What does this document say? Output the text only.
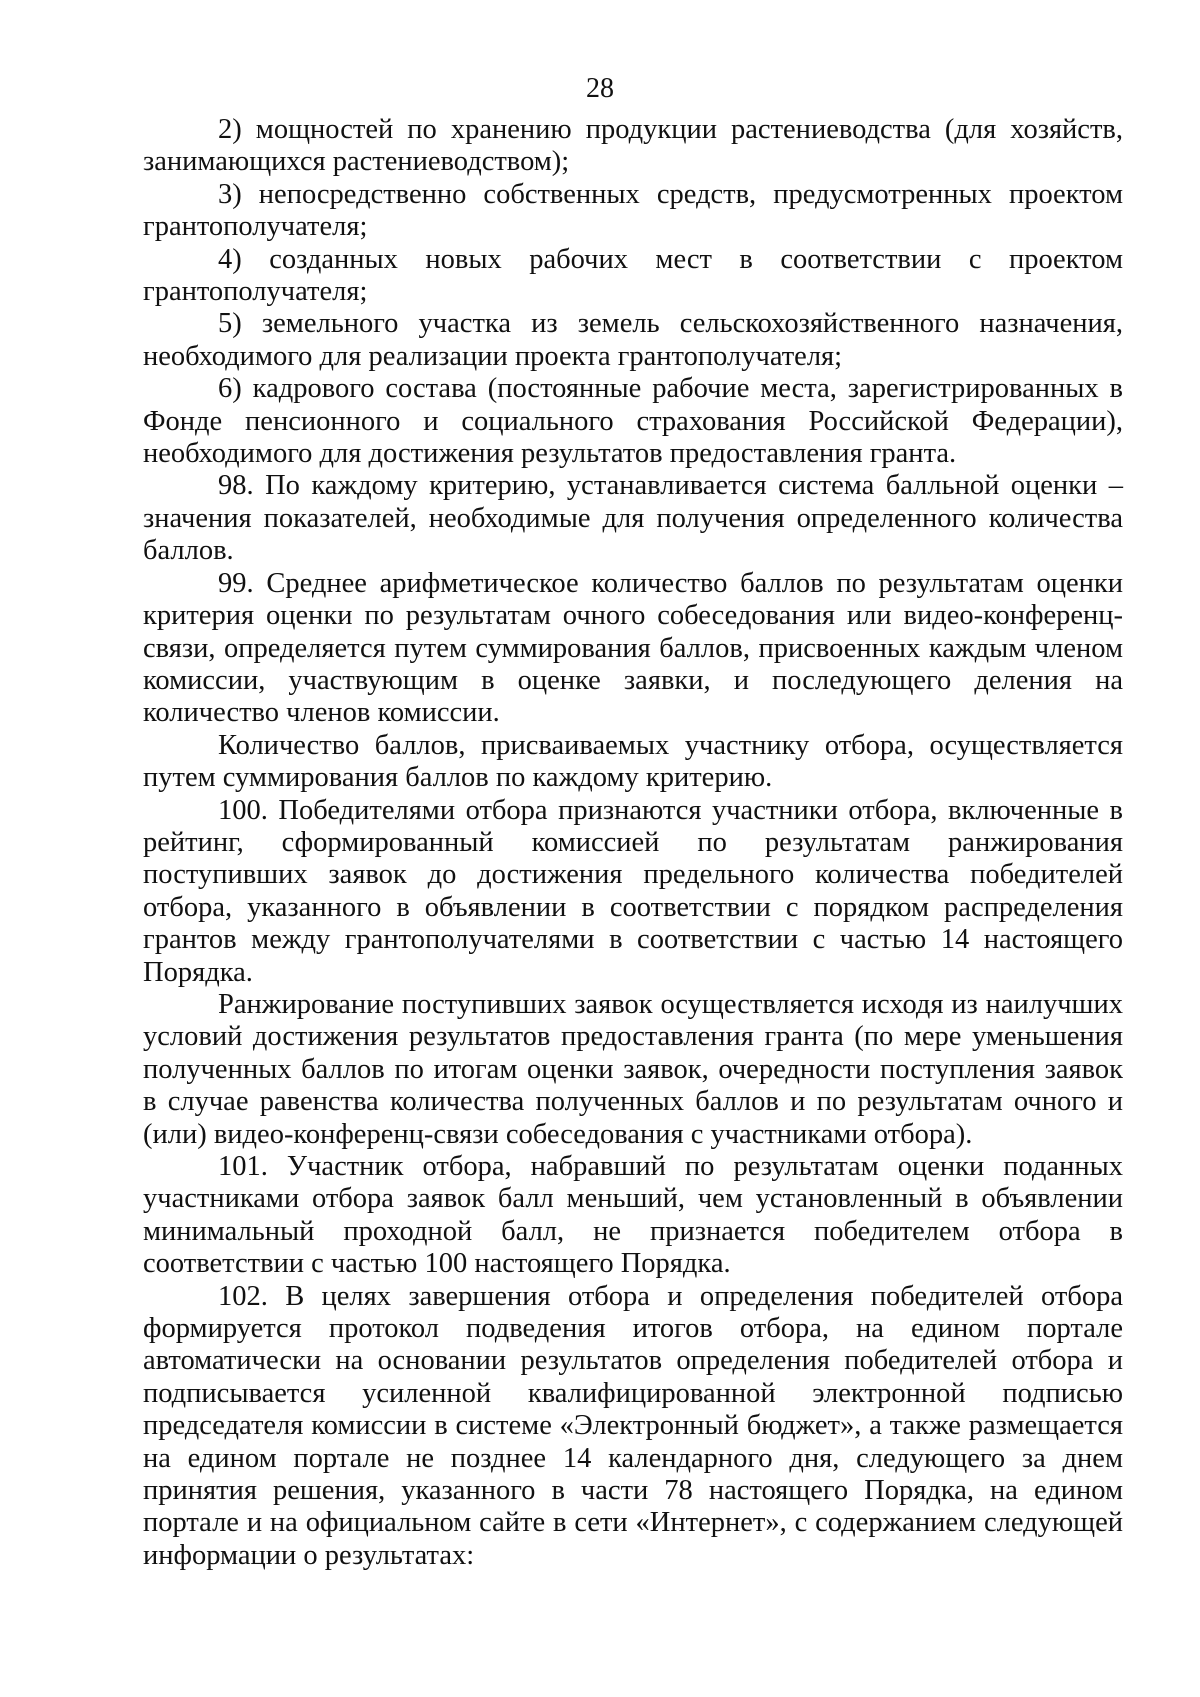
28

2) мощностей по хранению продукции растениеводства (для хозяйств, занимающихся растениеводством);

3) непосредственно собственных средств, предусмотренных проектом грантополучателя;

4) созданных новых рабочих мест в соответствии с проектом грантополучателя;

5) земельного участка из земель сельскохозяйственного назначения, необходимого для реализации проекта грантополучателя;

6) кадрового состава (постоянные рабочие места, зарегистрированных в Фонде пенсионного и социального страхования Российской Федерации), необходимого для достижения результатов предоставления гранта.

98. По каждому критерию, устанавливается система балльной оценки – значения показателей, необходимые для получения определенного количества баллов.

99. Среднее арифметическое количество баллов по результатам оценки критерия оценки по результатам очного собеседования или видео-конференц-связи, определяется путем суммирования баллов, присвоенных каждым членом комиссии, участвующим в оценке заявки, и последующего деления на количество членов комиссии.

Количество баллов, присваиваемых участнику отбора, осуществляется путем суммирования баллов по каждому критерию.

100. Победителями отбора признаются участники отбора, включенные в рейтинг, сформированный комиссией по результатам ранжирования поступивших заявок до достижения предельного количества победителей отбора, указанного в объявлении в соответствии с порядком распределения грантов между грантополучателями в соответствии с частью 14 настоящего Порядка.

Ранжирование поступивших заявок осуществляется исходя из наилучших условий достижения результатов предоставления гранта (по мере уменьшения полученных баллов по итогам оценки заявок, очередности поступления заявок в случае равенства количества полученных баллов и по результатам очного и (или) видео-конференц-связи собеседования с участниками отбора).

101. Участник отбора, набравший по результатам оценки поданных участниками отбора заявок балл меньший, чем установленный в объявлении минимальный проходной балл, не признается победителем отбора в соответствии с частью 100 настоящего Порядка.

102. В целях завершения отбора и определения победителей отбора формируется протокол подведения итогов отбора, на едином портале автоматически на основании результатов определения победителей отбора и подписывается усиленной квалифицированной электронной подписью председателя комиссии в системе «Электронный бюджет», а также размещается на едином портале не позднее 14 календарного дня, следующего за днем принятия решения, указанного в части 78 настоящего Порядка, на едином портале и на официальном сайте в сети «Интернет», с содержанием следующей информации о результатах:
